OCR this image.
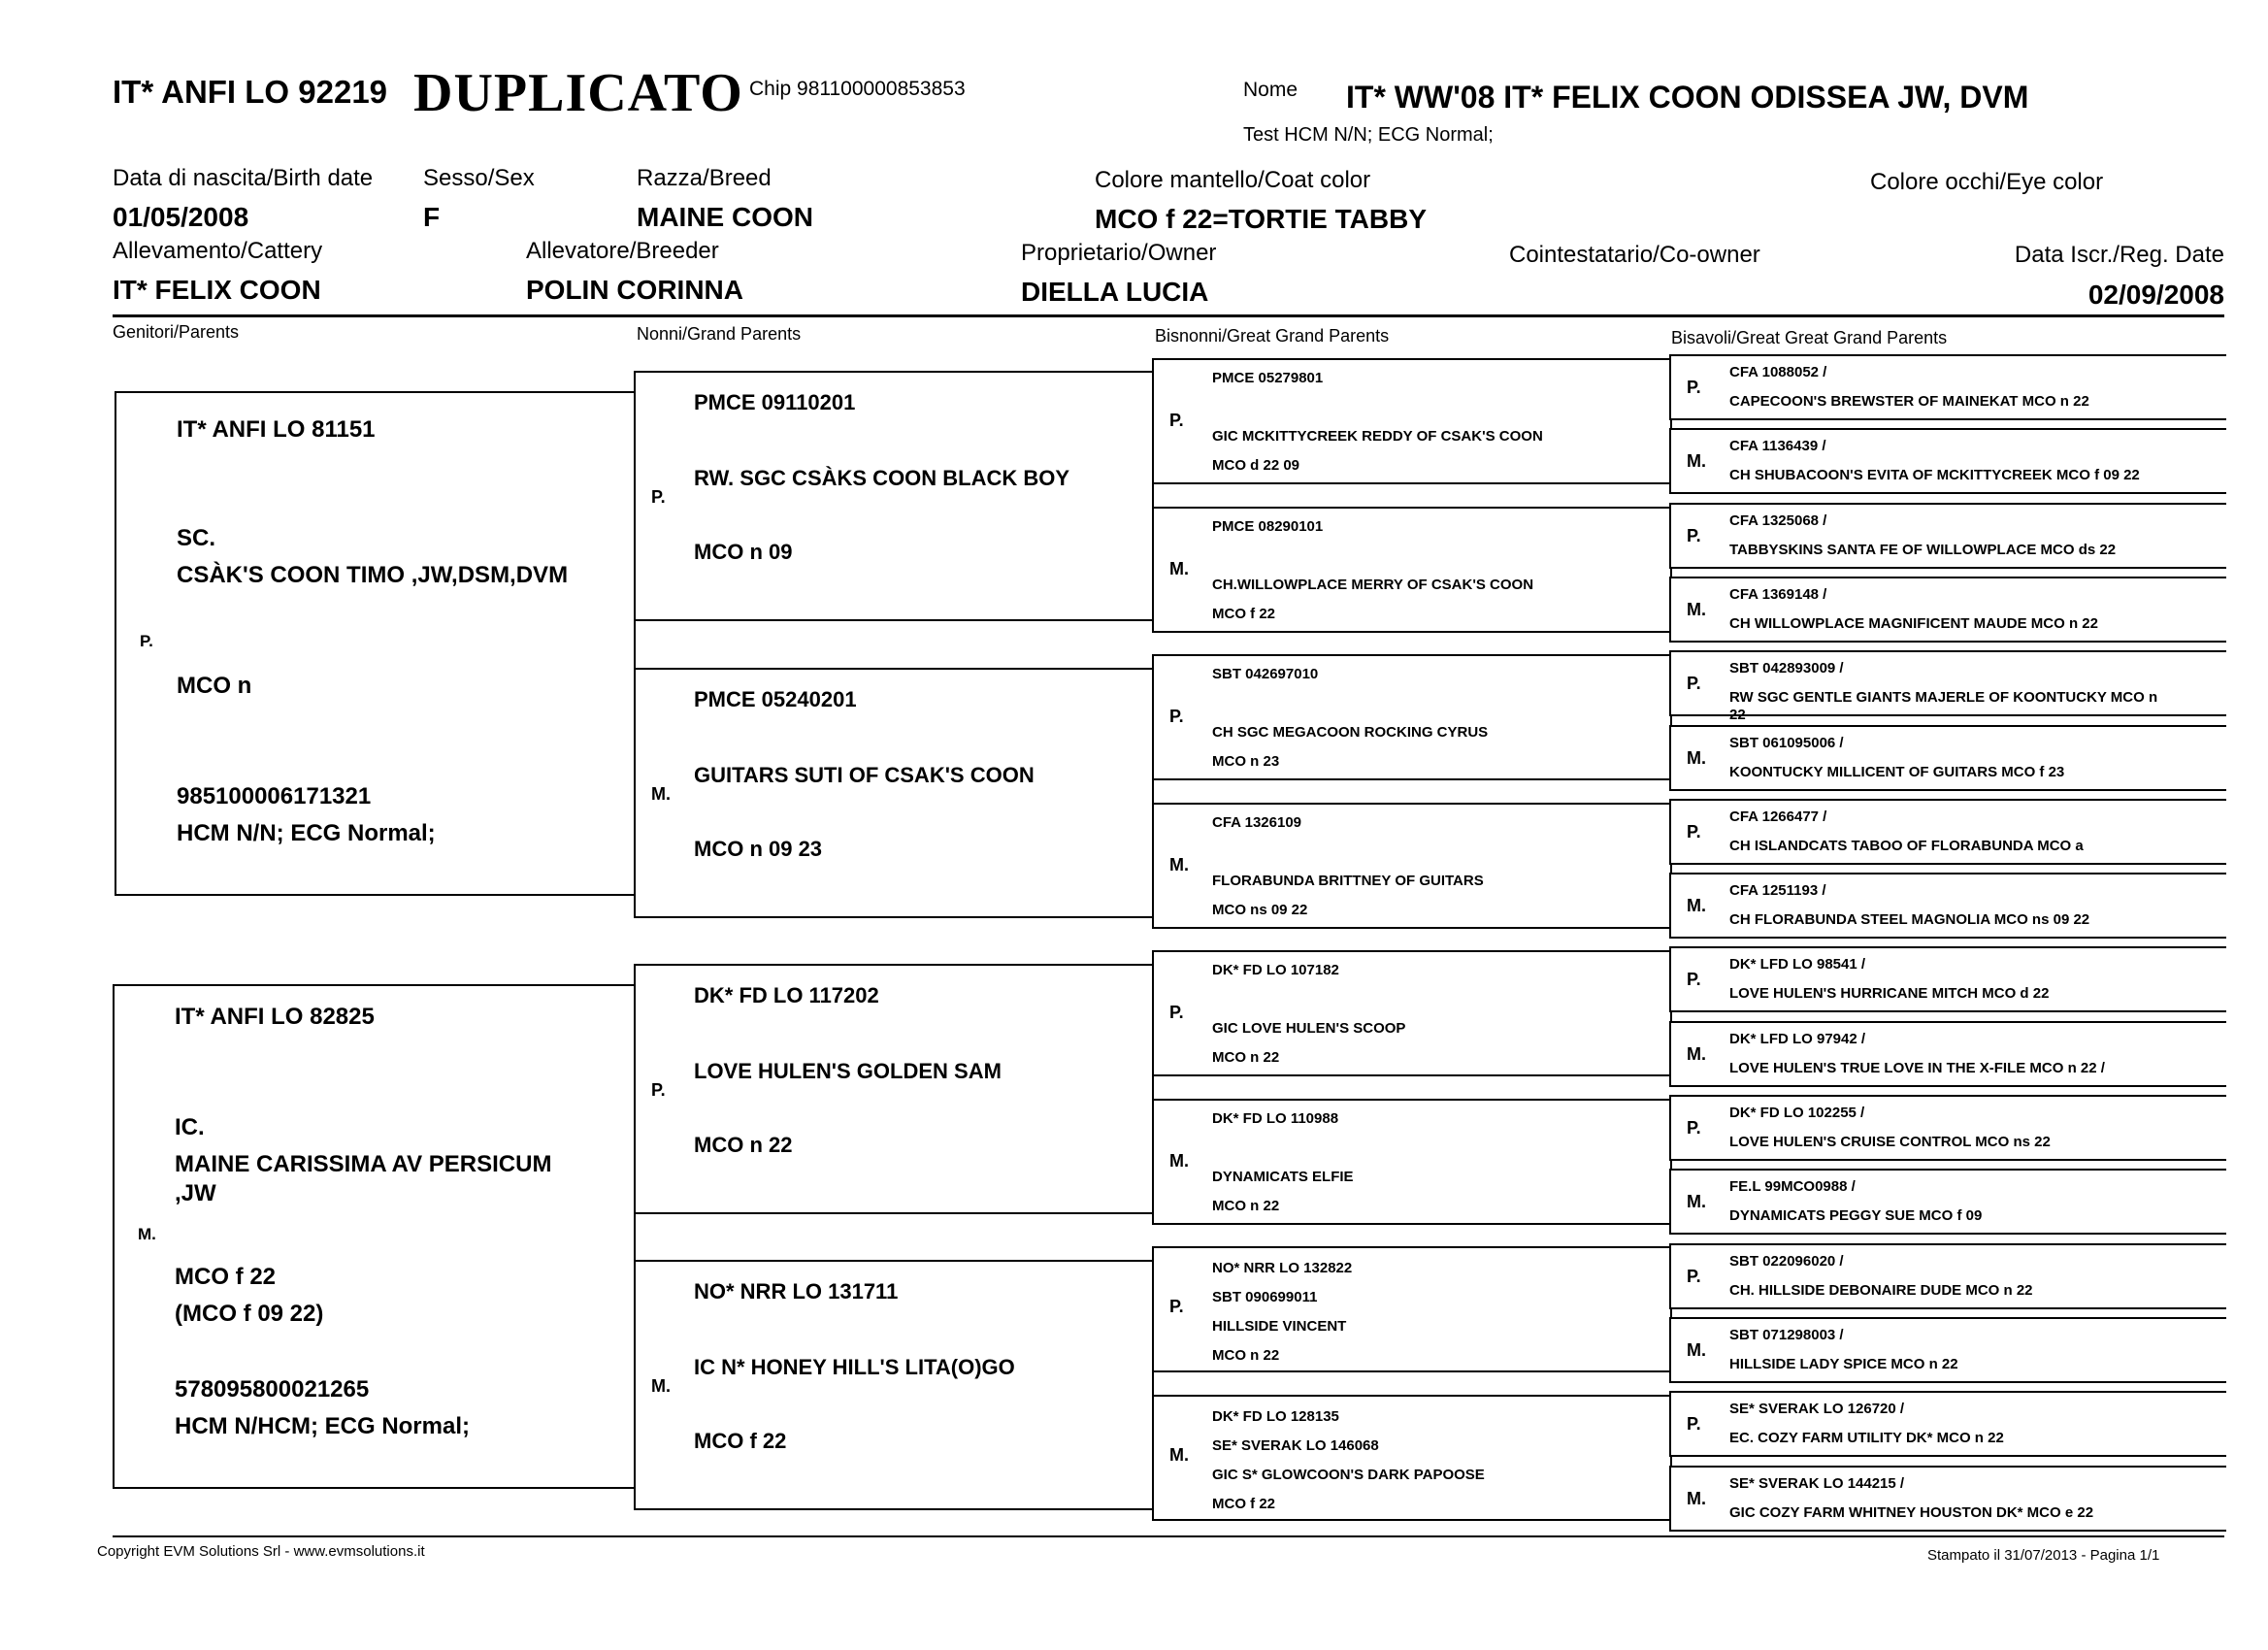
IT* ANFI LO 92219 DUPLICATO Chip 981100000853853	Nome IT* WW'08 IT* FELIX COON ODISSEA JW, DVM
Test HCM N/N; ECG Normal;
Data di nascita/Birth date
01/05/2008
Sesso/Sex
F
Razza/Breed
MAINE COON
Colore mantello/Coat color
MCO f 22=TORTIE TABBY
Colore occhi/Eye color
Allevamento/Cattery
IT* FELIX COON
Allevatore/Breeder
POLIN CORINNA
Proprietario/Owner
DIELLA LUCIA
Cointestatario/Co-owner	Data Iscr./Reg. Date
02/09/2008
Genitori/Parents	Nonni/Grand Parents	Bisnonni/Great Grand Parents	Bisavoli/Great Great Grand Parents
IT* ANFI LO 81151
SC.
CSÀK'S COON TIMO ,JW,DSM,DVM
P.
MCO n
985100006171321
HCM N/N; ECG Normal;
IT* ANFI LO 82825
IC.
MAINE CARISSIMA AV PERSICUM
,JW
M.
MCO f 22
(MCO f 09 22)
578095800021265
HCM N/HCM; ECG Normal;
PMCE 09110201
P.
RW. SGC CSÀKS COON BLACK BOY
MCO n 09
PMCE 05240201
M.
GUITARS SUTI OF CSAK'S COON
MCO n 09 23
DK* FD LO 117202
P.
LOVE HULEN'S GOLDEN SAM
MCO n 22
NO* NRR LO 131711
M.
IC N* HONEY HILL'S LITA(O)GO
MCO f 22
P.
PMCE 05279801
GIC MCKITTYCREEK REDDY OF CSAK'S COON
MCO d 22 09
M.
PMCE 08290101
CH.WILLOWPLACE MERRY OF CSAK'S COON
MCO f 22
P.
SBT 042697010
CH SGC MEGACOON ROCKING CYRUS
MCO n 23
M.
CFA 1326109
FLORABUNDA BRITTNEY OF GUITARS
MCO ns 09 22
P.
DK* FD LO 107182
GIC LOVE HULEN'S SCOOP
MCO n 22
M.
DK* FD LO 110988
DYNAMICATS ELFIE
MCO n 22
P.
NO* NRR LO 132822
SBT 090699011
HILLSIDE VINCENT
MCO n 22
M.
DK* FD LO 128135
SE* SVERAK LO 146068
GIC S* GLOWCOON'S DARK PAPOOSE
MCO f 22
P.
CFA 1088052 /
CAPECOON'S BREWSTER OF MAINEKAT MCO n 22
M.
CFA 1136439 /
CH SHUBACOON'S EVITA OF MCKITTYCREEK MCO f 09 22
P.
CFA 1325068 /
TABBYSKINS SANTA FE OF WILLOWPLACE MCO ds 22
M.
CFA 1369148 /
CH WILLOWPLACE MAGNIFICENT MAUDE MCO n 22
P.
SBT 042893009 /
RW SGC GENTLE GIANTS MAJERLE OF KOONTUCKY MCO n
22
M.
SBT 061095006 /
KOONTUCKY MILLICENT OF GUITARS MCO f 23
P.
CFA 1266477 /
CH ISLANDCATS TABOO OF FLORABUNDA MCO a
M.
CFA 1251193 /
CH FLORABUNDA STEEL MAGNOLIA MCO ns 09 22
P.
DK* LFD LO 98541 /
LOVE HULEN'S HURRICANE MITCH MCO d 22
M.
DK* LFD LO 97942 /
LOVE HULEN'S TRUE LOVE IN THE X-FILE MCO n 22 /
P.
DK* FD LO 102255 /
LOVE HULEN'S CRUISE CONTROL MCO ns 22
M.
FE.L 99MCO0988 /
DYNAMICATS PEGGY SUE MCO f 09
P.
SBT 022096020 /
CH. HILLSIDE DEBONAIRE DUDE MCO n 22
M.
SBT 071298003 /
HILLSIDE LADY SPICE MCO n 22
P.
SE* SVERAK LO 126720 /
EC. COZY FARM UTILITY DK* MCO n 22
M.
SE* SVERAK LO 144215 /
GIC COZY FARM WHITNEY HOUSTON DK* MCO e 22
Copyright EVM Solutions Srl - www.evmsolutions.it	Stampato il 31/07/2013 - Pagina 1/1
